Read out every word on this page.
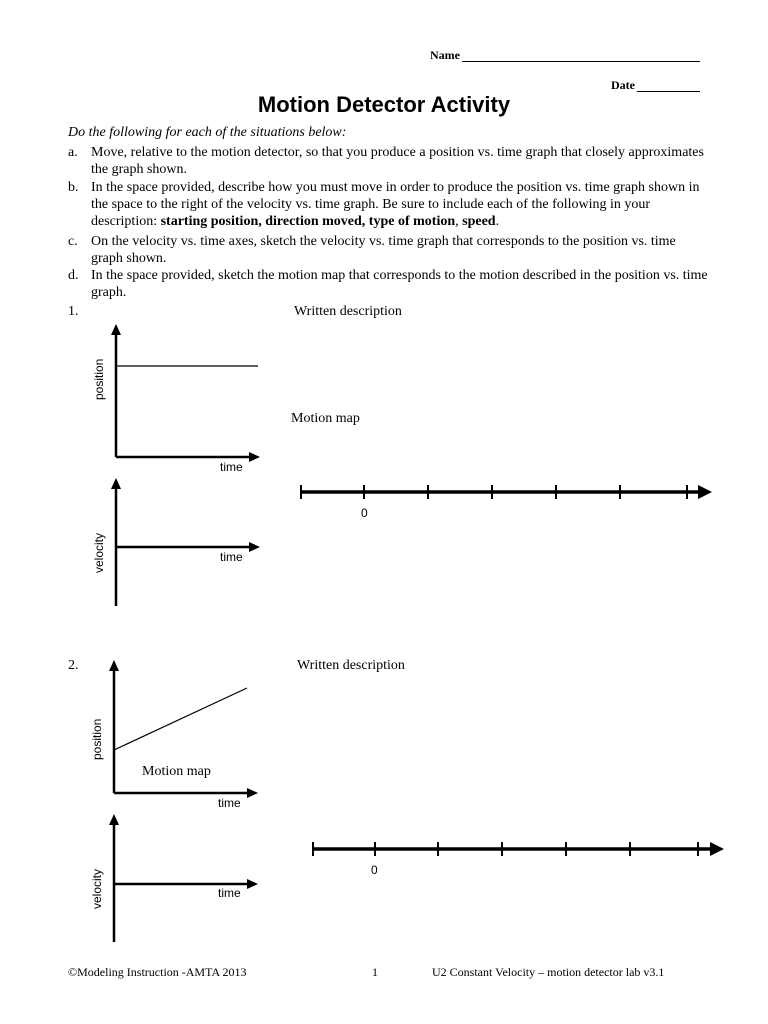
Name
Date
Motion Detector Activity
Do the following for each of the situations below:
a. Move, relative to the motion detector, so that you produce a position vs. time graph that closely approximates the graph shown.
b. In the space provided, describe how you must move in order to produce the position vs. time graph shown in the space to the right of the velocity vs. time graph. Be sure to include each of the following in your description: starting position, direction moved, type of motion, speed.
c. On the velocity vs. time axes, sketch the velocity vs. time graph that corresponds to the position vs. time graph shown.
d. In the space provided, sketch the motion map that corresponds to the motion described in the position vs. time graph.
1.	Written description
Motion map
position
time
velocity	time
0
2.	Written description
position
time
Motion map
velocity	time
0
©Modeling Instruction -AMTA 2013	1	U2 Constant Velocity – motion detector lab v3.1
